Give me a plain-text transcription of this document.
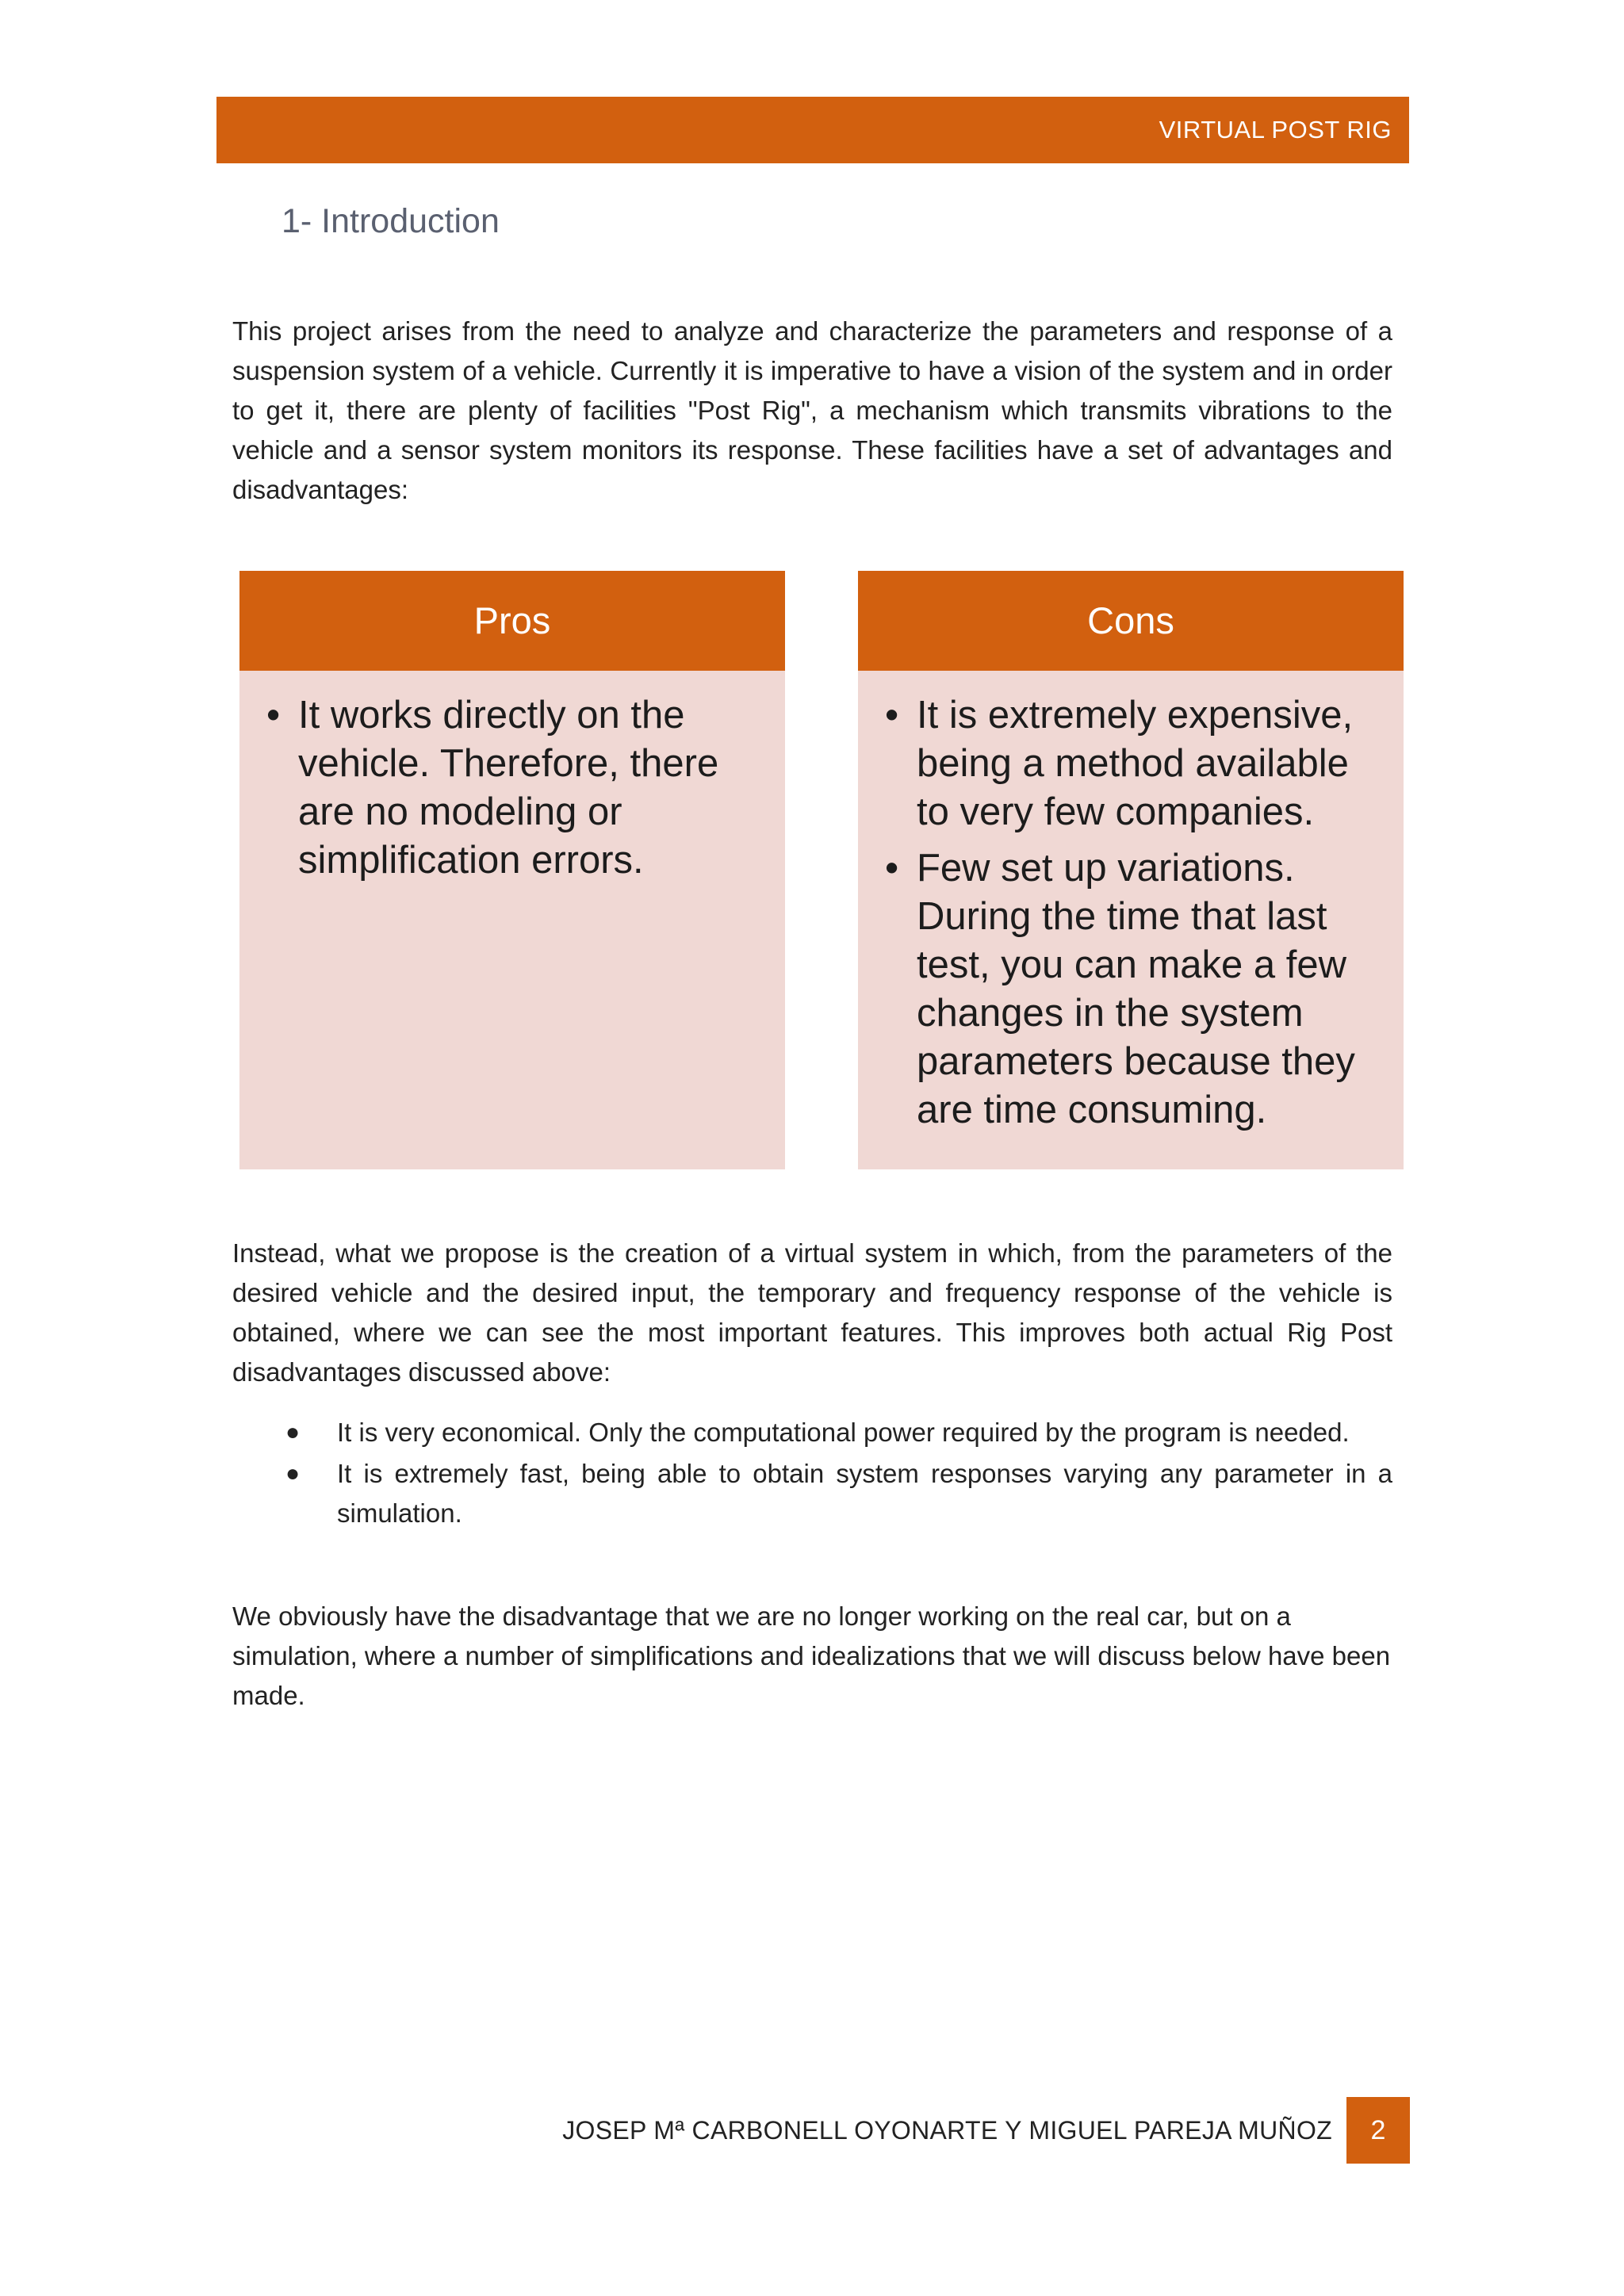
VIRTUAL POST RIG
1- Introduction

This project arises from the need to analyze and characterize the parameters and response of a suspension system of a vehicle. Currently it is imperative to have a vision of the system and in order to get it, there are plenty of facilities "Post Rig", a mechanism which transmits vibrations to the vehicle and a sensor system monitors its response. These facilities have a set of advantages and disadvantages:

Pros
• It works directly on the vehicle. Therefore, there are no modeling or simplification errors.
Cons
• It is extremely expensive, being a method available to very few companies.
• Few set up variations. During the time that last test, you can make a few changes in the system parameters because they are time consuming.

Instead, what we propose is the creation of a virtual system in which, from the parameters of the desired vehicle and the desired input, the temporary and frequency response of the vehicle is obtained, where we can see the most important features. This improves both actual Rig Post disadvantages discussed above:

● It is very economical. Only the computational power required by the program is needed.
● It is extremely fast, being able to obtain system responses varying any parameter in a simulation.

We obviously have the disadvantage that we are no longer working on the real car, but on a simulation, where a number of simplifications and idealizations that we will discuss below have been made.

JOSEP Mª CARBONELL OYONARTE Y MIGUEL PAREJA MUÑOZ	2
